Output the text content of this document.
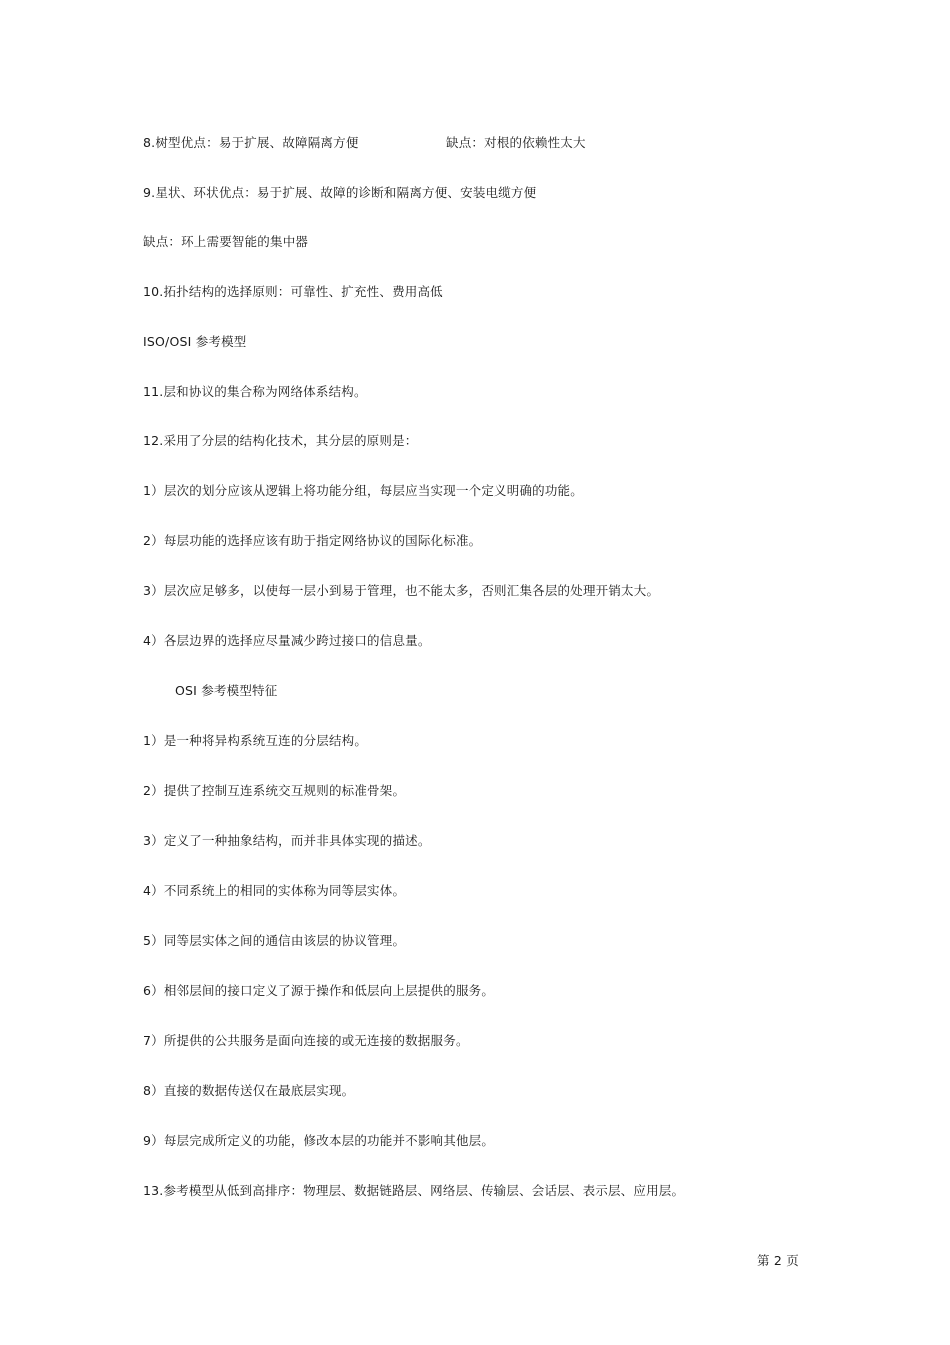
8.树型优点：易于扩展、故障隔离方便	缺点：对根的依赖性太大
9.星状、环状优点：易于扩展、故障的诊断和隔离方便、安装电缆方便
缺点：环上需要智能的集中器
10.拓扑结构的选择原则：可靠性、扩充性、费用高低
ISO/OSI 参考模型
11.层和协议的集合称为网络体系结构。
12.采用了分层的结构化技术，其分层的原则是：
1）层次的划分应该从逻辑上将功能分组，每层应当实现一个定义明确的功能。
2）每层功能的选择应该有助于指定网络协议的国际化标准。
3）层次应足够多，以使每一层小到易于管理，也不能太多，否则汇集各层的处理开销太大。
4）各层边界的选择应尽量减少跨过接口的信息量。
OSI 参考模型特征
1）是一种将异构系统互连的分层结构。
2）提供了控制互连系统交互规则的标准骨架。
3）定义了一种抽象结构，而并非具体实现的描述。
4）不同系统上的相同的实体称为同等层实体。
5）同等层实体之间的通信由该层的协议管理。
6）相邻层间的接口定义了源于操作和低层向上层提供的服务。
7）所提供的公共服务是面向连接的或无连接的数据服务。
8）直接的数据传送仅在最底层实现。
9）每层完成所定义的功能，修改本层的功能并不影响其他层。
13.参考模型从低到高排序：物理层、数据链路层、网络层、传输层、会话层、表示层、应用层。
第 2 页
